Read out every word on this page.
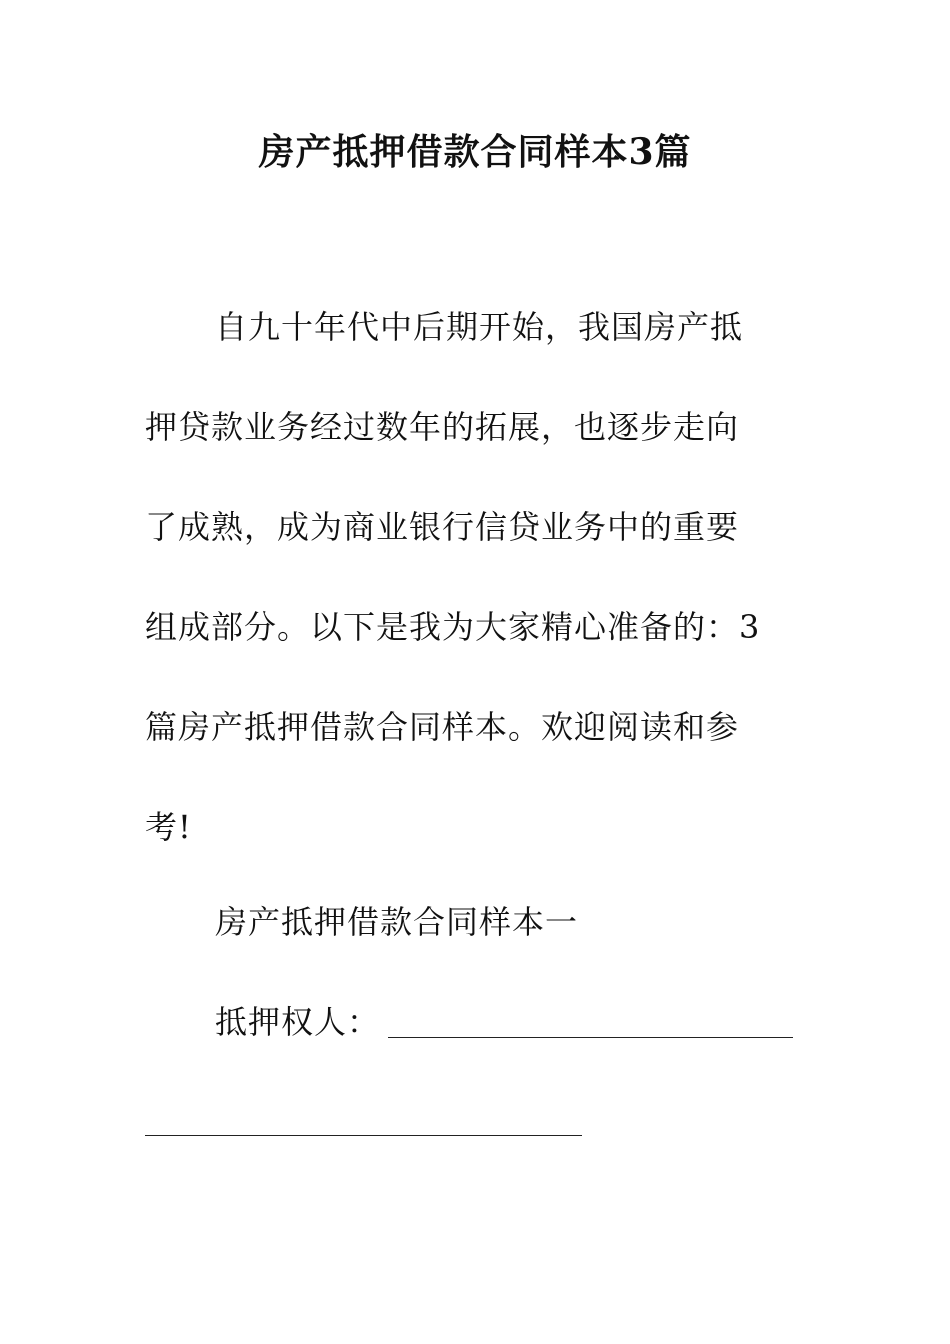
房产抵押借款合同样本3篇
自九十年代中后期开始，我国房产抵
押贷款业务经过数年的拓展，也逐步走向
了成熟，成为商业银行信贷业务中的重要
组成部分。以下是我为大家精心准备的：3
篇房产抵押借款合同样本。欢迎阅读和参
考!
房产抵押借款合同样本一
抵押权人：
